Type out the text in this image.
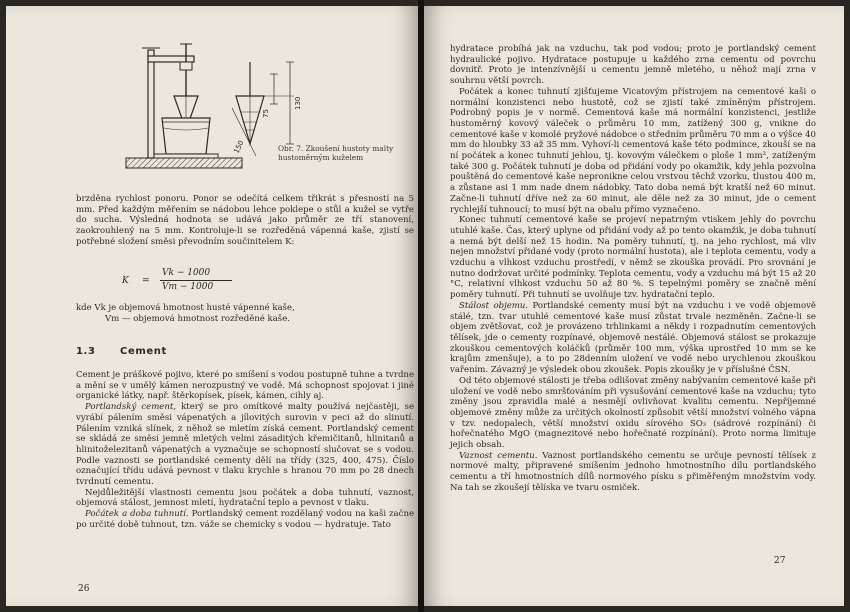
75
130
150	Obr. 7. Zkoušení hustoty malty hustoměrným kuželem

brzděna rychlost ponoru. Ponor se odečítá celkem třikrát s přesností na 5 mm. Před každým měřením se nádobou lehce poklepe o stůl a kužel se vytře do sucha. Výsledná hodnota se udává jako průměr ze tří stanovení, zaokrouhlený na 5 mm. Kontroluje-li se rozředěná vápenná kaše, zjistí se potřebné složení směsi převodním součinitelem K:

K =
Vk − 1000
Vm − 1000
kde Vk je objemová hmotnost husté vápenné kaše,
Vm — objemová hmotnost rozředěné kaše.
1.3 Cement

Cement je práškové pojivo, které po smíšení s vodou postupně tuhne a tvrdne a mění se v umělý kámen nerozpustný ve vodě. Má schopnost spojovat i jiné organické látky, např. štěrkopísek, písek, kámen, cihly aj.

Portlandský cement, který se pro omítkové malty používá nejčastěji, se vyrábí pálením směsi vápenatých a jílovitých surovin v peci až do slinutí. Pálením vzniká slínek, z něhož se mletím získá cement. Portlandský cement se skládá ze směsí jemně mletých velmi zásaditých křemičitanů, hlinitanů a hlinitoželezitanů vápenatých a vyznačuje se schopností slučovat se s vodou. Podle vaznosti se portlandské cementy dělí na třídy (325, 400, 475). Číslo označující třídu udává pevnost v tlaku krychle s hranou 70 mm po 28 dnech tvrdnutí cementu.

Nejdůležitější vlastnosti cementu jsou počátek a doba tuhnutí, vaznost, objemová stálost, jemnost mletí, hydratační teplo a pevnost v tlaku.

Počátek a doba tuhnutí. Portlandský cement rozdělaný vodou na kaši začne po určité době tuhnout, tzn. váže se chemicky s vodou — hydratuje. Tato

26

hydratace probíhá jak na vzduchu, tak pod vodou; proto je portlandský cement hydraulické pojivo. Hydratace postupuje u každého zrna cementu od povrchu dovnitř. Proto je intenzívnější u cementu jemně mletého, u něhož mají zrna v souhrnu větší povrch.

Počátek a konec tuhnutí zjišťujeme Vicatovým přístrojem na cementové kaši o normální konzistenci nebo hustotě, což se zjistí také zmíněným přístrojem. Podrobný popis je v normě. Cementová kaše má normální konzistenci, jestliže hustoměrný kovový váleček o průměru 10 mm, zatížený 300 g, vnikne do cementové kaše v komolé pryžové nádobce o středním průměru 70 mm a o výšce 40 mm do hloubky 33 až 35 mm. Vyhoví-li cementová kaše této podmínce, zkouší se na ní počátek a konec tuhnutí jehlou, tj. kovovým válečkem o ploše 1 mm², zatíženým také 300 g. Počátek tuhnutí je doba od přidání vody po okamžik, kdy jehla pozvolna pouštěná do cementové kaše nepronikne celou vrstvou těchž vzorku, tlustou 400 m, a zůstane asi 1 mm nade dnem nádobky. Tato doba nemá být kratší než 60 minut. Začne-li tuhnutí dříve než za 60 minut, ale děle než za 30 minut, jde o cement rychlejší tuhnoucí; to musí být na obalu přímo vyznačeno.

Konec tuhnutí cementové kaše se projeví nepatrným vtiskem jehly do povrchu utuhlé kaše. Čas, který uplyne od přidání vody až po tento okamžik, je doba tuhnutí a nemá být delší než 15 hodin. Na poměry tuhnutí, tj. na jeho rychlost, má vliv nejen množství přidané vody (proto normální hustota), ale i teplota cementu, vody a vzduchu a vlhkost vzduchu prostředí, v němž se zkouška provádí. Pro srovnání je nutno dodržovat určité podmínky. Teplota cementu, vody a vzduchu má být 15 až 20 °C, relativní vlhkost vzduchu 50 až 80 %. S tepelnými poměry se značně mění poměry tuhnutí. Při tuhnutí se uvolňuje tzv. hydratační teplo.

Stálost objemu. Portlandské cementy musí být na vzduchu i ve vodě objemově stálé, tzn. tvar utuhlé cementové kaše musí zůstat trvale nezměněn. Začne-li se objem zvětšovat, což je provázeno trhlinkami a někdy i rozpadnutím cementových tělísek, jde o cementy rozpínavé, objemově nestálé. Objemová stálost se prokazuje zkouškou cementových koláčků (průměr 100 mm, výška uprostřed 10 mm se ke krajům zmenšuje), a to po 28denním uložení ve vodě nebo urychlenou zkouškou vařením. Závazný je výsledek obou zkoušek. Popis zkoušky je v příslušné ČSN.

Od této objemové stálosti je třeba odlišovat změny nabývaním cementové kaše při uložení ve vodě nebo smršťováním při vysušování cementové kaše na vzduchu; tyto změny jsou zpravidla malé a nesmějí ovlivňovat kvalitu cementu. Nepříjemné objemové změny může za určitých okolností způsobit větší množství volného vápna v tzv. nedopalech, větší množství oxidu sírového SO₃ (sádrové rozpínání) či hořečnatého MgO (magnezitové nebo hořečnaté rozpínání). Proto norma limituje jejich obsah.

Vaznost cementu. Vaznost portlandského cementu se určuje pevností tělísek z normové malty, připravené smíšením jednoho hmotnostního dílu portlandského cementu a tří hmotnostních dílů normového písku s přiměřeným množstvím vody. Na tah se zkoušejí tělíska ve tvaru osmiček.

27
